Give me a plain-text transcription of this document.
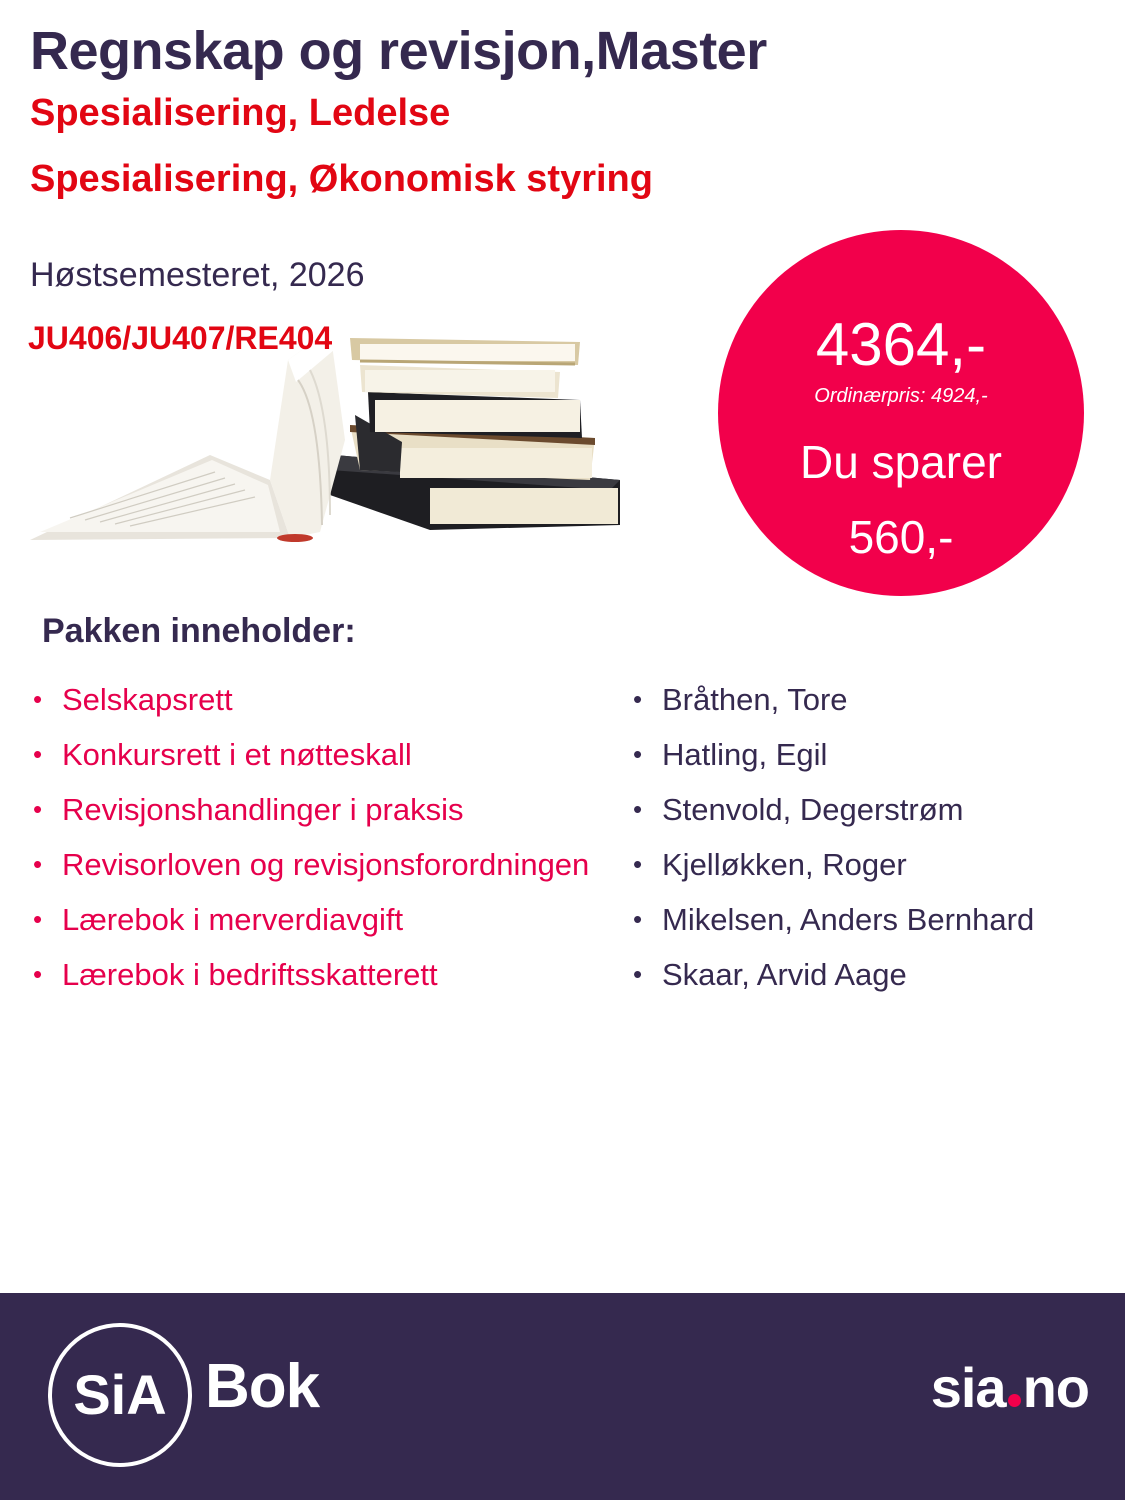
Regnskap og revisjon,Master
Spesialisering, Ledelse
Spesialisering, Økonomisk styring
Høstsemesteret, 2026
JU406/JU407/RE404	4364,-
Ordinærpris: 4924,-
Du sparer
560,-
Pakken inneholder:
• Selskapsrett
• Konkursrett i et nøtteskall
• Revisjonshandlinger i praksis
• Revisorloven og revisjonsforordningen
• Lærebok i merverdiavgift
• Lærebok i bedriftsskatterett
• Bråthen, Tore
• Hatling, Egil
• Stenvold, Degerstrøm
• Kjelløkken, Roger
• Mikelsen, Anders Bernhard
• Skaar, Arvid Aage
SiA Bok	sia no
